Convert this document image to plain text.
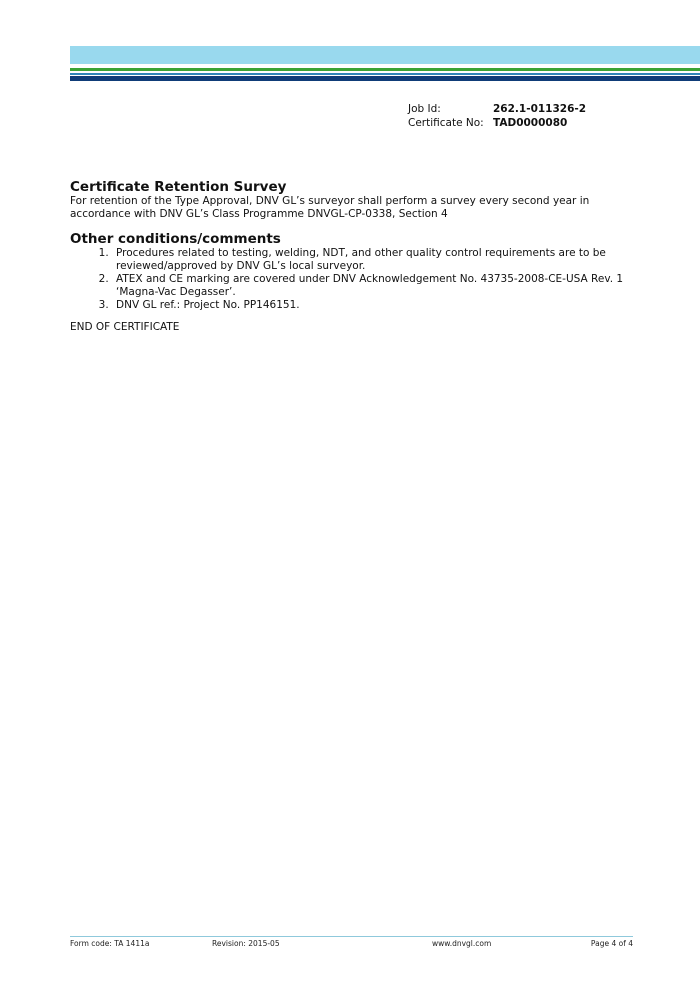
Job Id:	262.1-011326-2
Certificate No: TAD0000080
Certificate Retention Survey

For retention of the Type Approval, DNV GL’s surveyor shall perform a survey every second year in

accordance with DNV GL’s Class Programme DNVGL-CP-0338, Section 4

Other conditions/comments
1. Procedures related to testing, welding, NDT, and other quality control requirements are to be
reviewed/approved by DNV GL’s local surveyor.
2. ATEX and CE marking are covered under DNV Acknowledgement No. 43735-2008-CE-USA Rev. 1
‘Magna-Vac Degasser’.
3. DNV GL ref.: Project No. PP146151.

END OF CERTIFICATE

Form code: TA 1411a	Revision: 2015-05	www.dnvgl.com	Page 4 of 4
